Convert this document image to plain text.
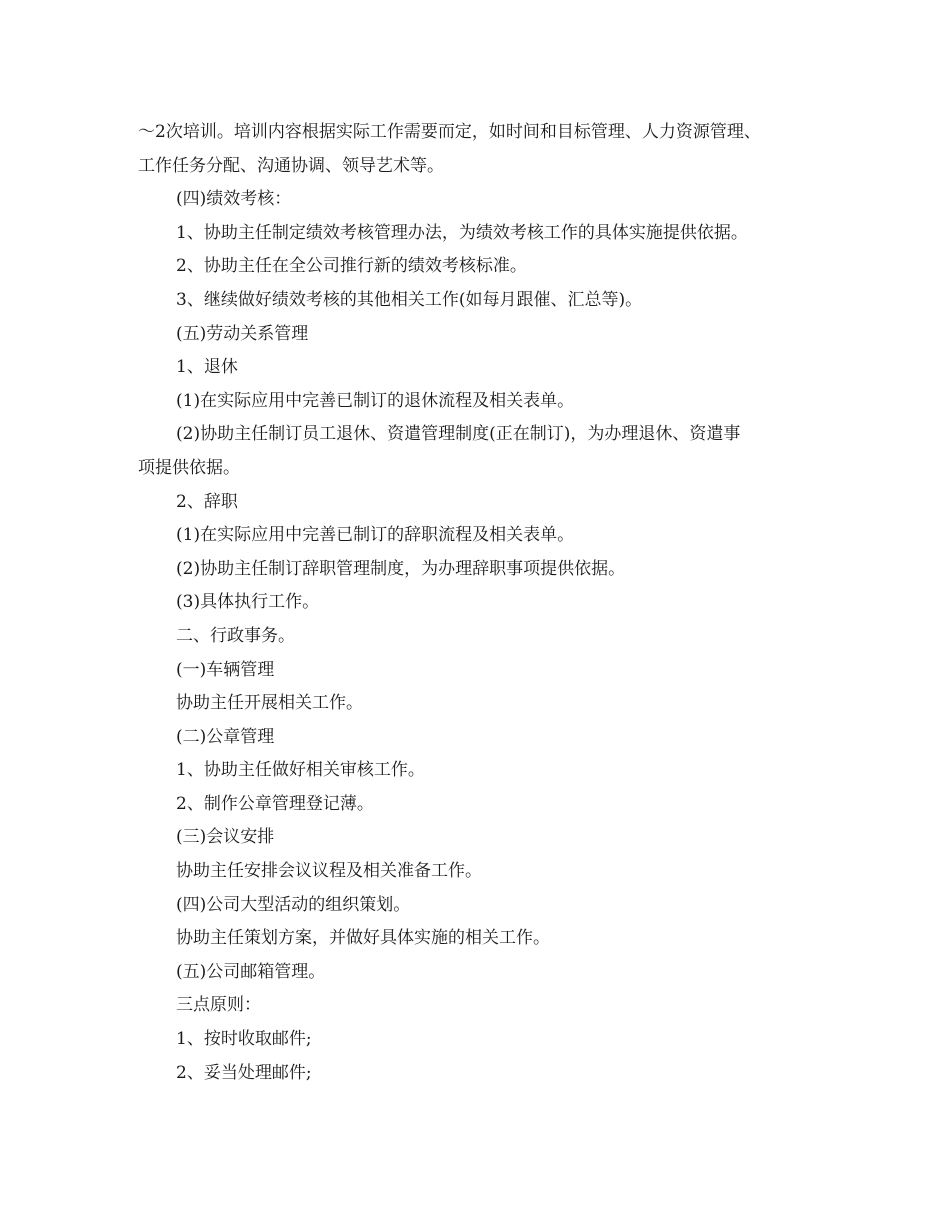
～2次培训。培训内容根据实际工作需要而定，如时间和目标管理、人力资源管理、
工作任务分配、沟通协调、领导艺术等。
(四)绩效考核：
1、协助主任制定绩效考核管理办法，为绩效考核工作的具体实施提供依据。
2、协助主任在全公司推行新的绩效考核标准。
3、继续做好绩效考核的其他相关工作(如每月跟催、汇总等)。
(五)劳动关系管理
1、退休
(1)在实际应用中完善已制订的退休流程及相关表单。
(2)协助主任制订员工退休、资遣管理制度(正在制订)，为办理退休、资遣事
项提供依据。
2、辞职
(1)在实际应用中完善已制订的辞职流程及相关表单。
(2)协助主任制订辞职管理制度，为办理辞职事项提供依据。
(3)具体执行工作。
二、行政事务。
(一)车辆管理
协助主任开展相关工作。
(二)公章管理
1、协助主任做好相关审核工作。
2、制作公章管理登记薄。
(三)会议安排
协助主任安排会议议程及相关准备工作。
(四)公司大型活动的组织策划。
协助主任策划方案，并做好具体实施的相关工作。
(五)公司邮箱管理。
三点原则：
1、按时收取邮件;
2、妥当处理邮件;
